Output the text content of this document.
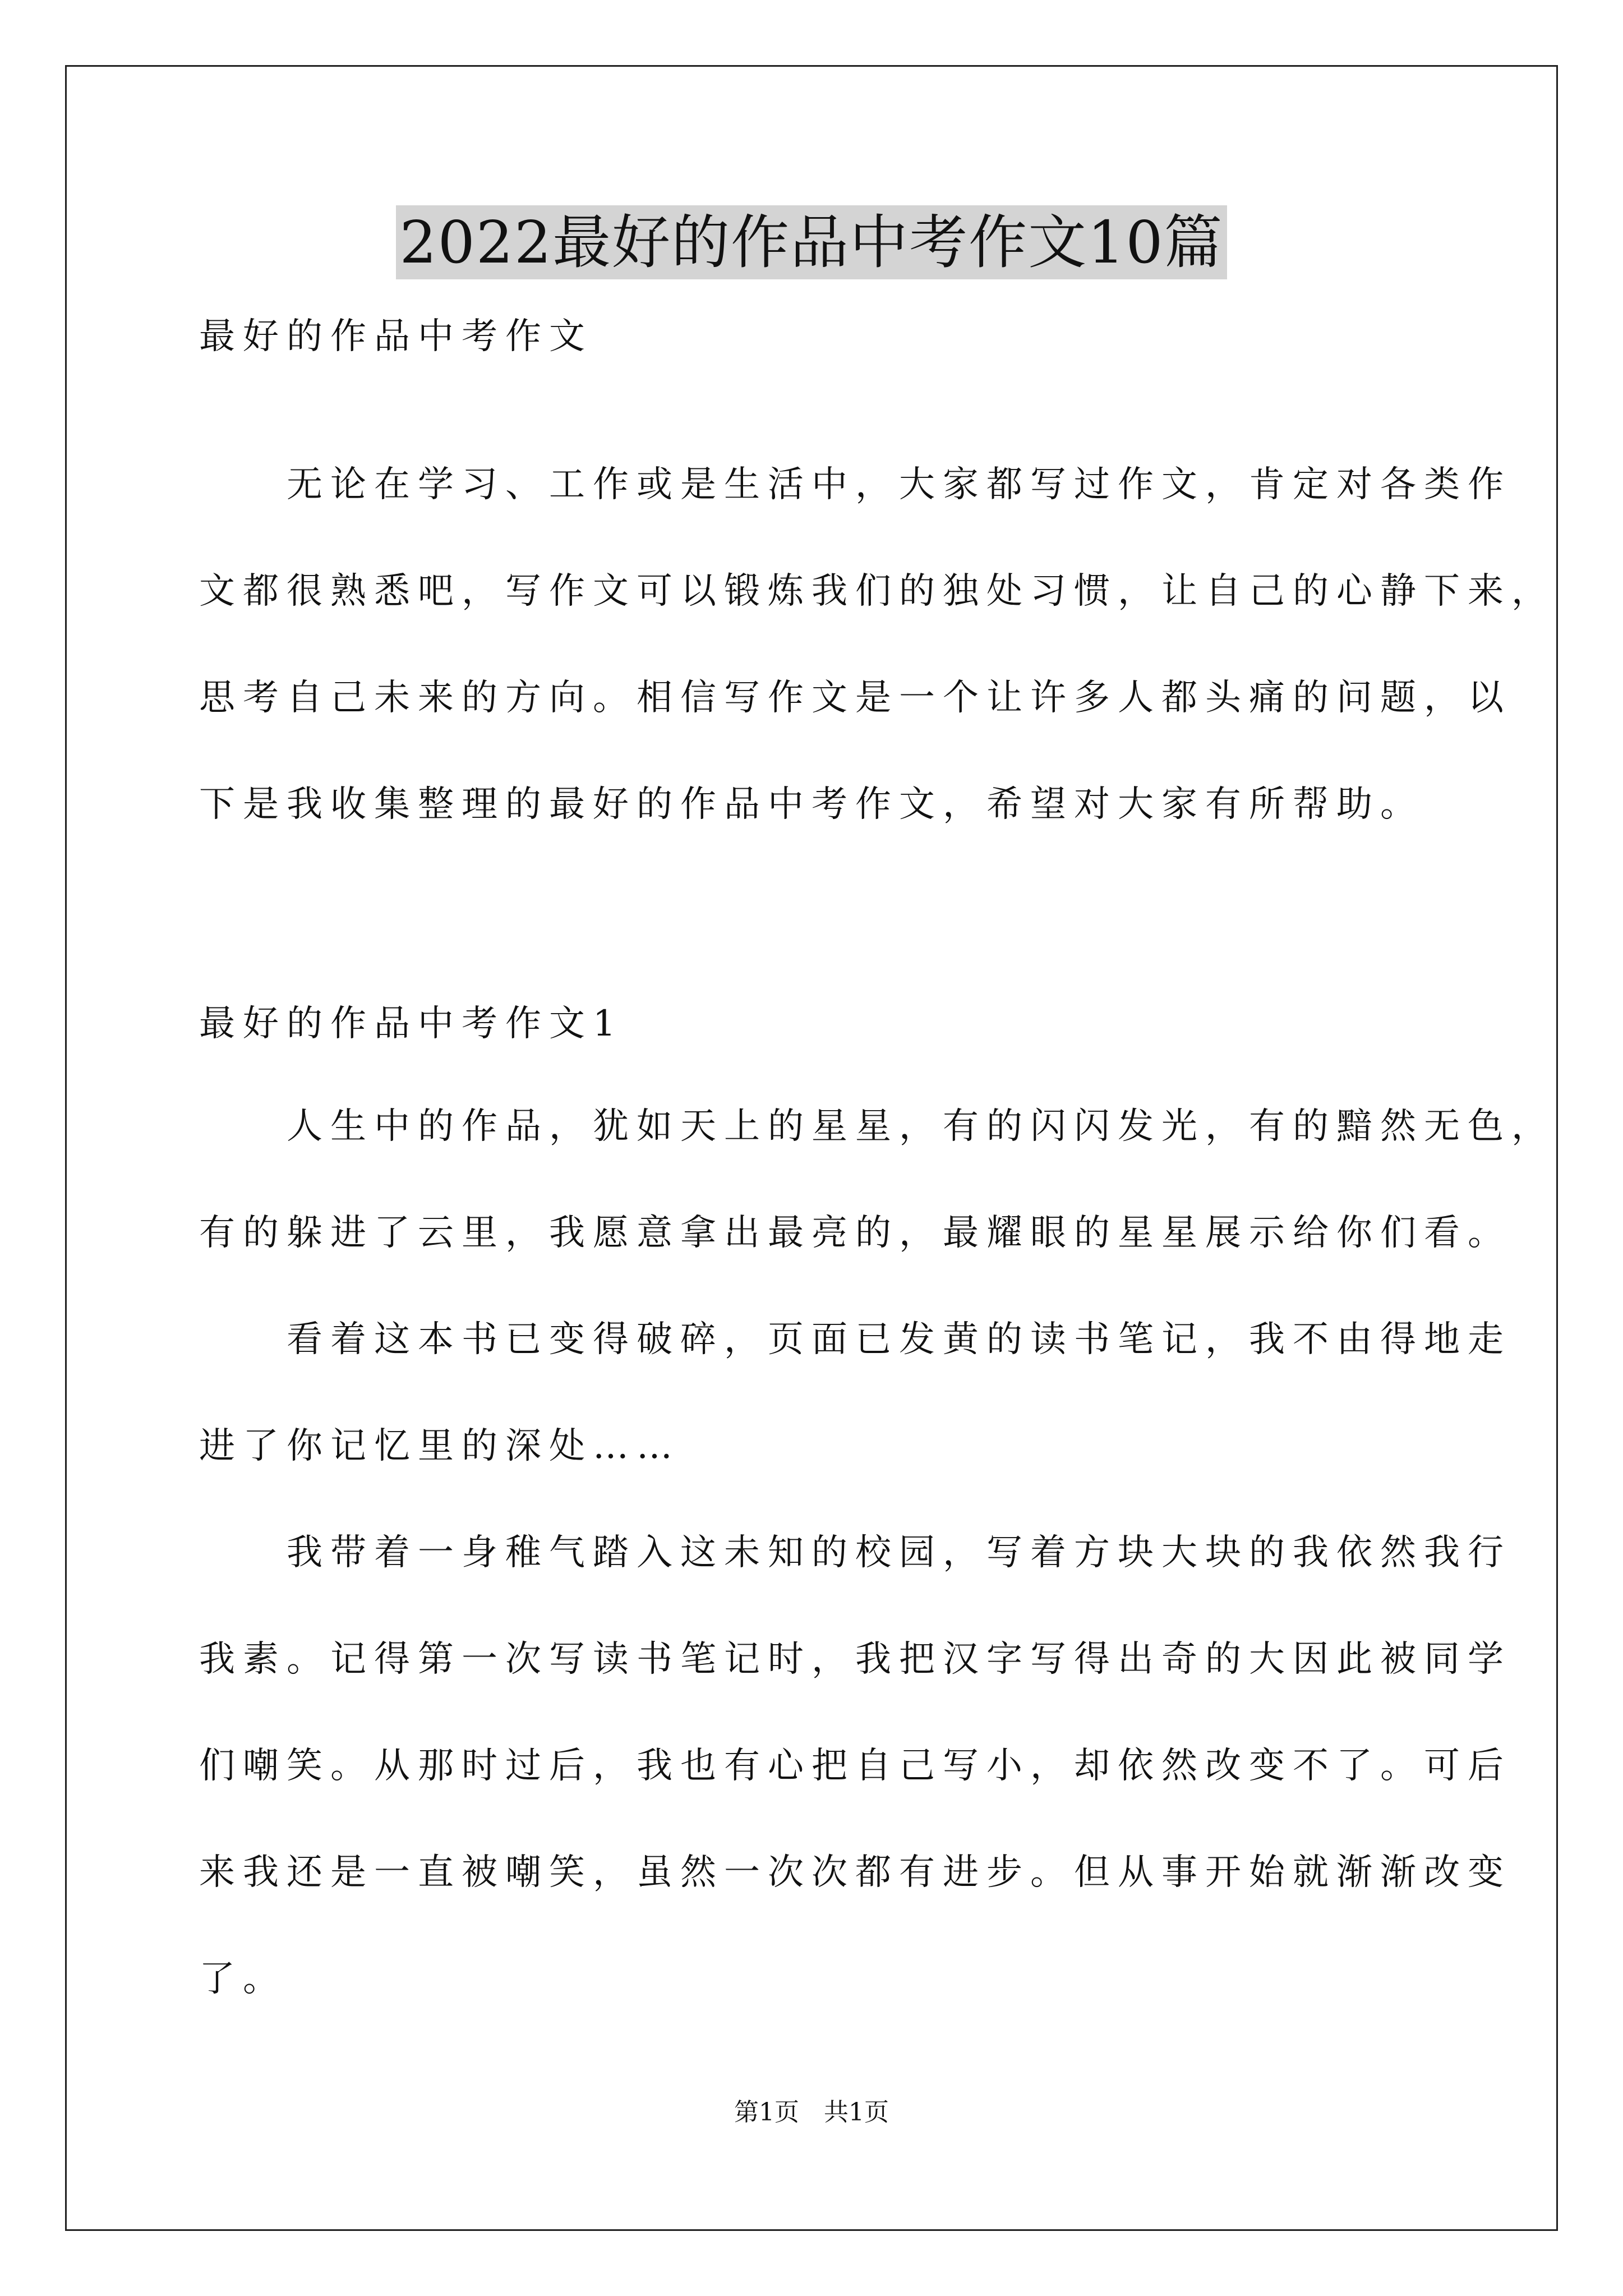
2022最好的作品中考作文10篇
最好的作品中考作文
　　无论在学习、工作或是生活中，大家都写过作文，肯定对各类作
文都很熟悉吧，写作文可以锻炼我们的独处习惯，让自己的心静下来，
思考自己未来的方向。相信写作文是一个让许多人都头痛的问题，以
下是我收集整理的最好的作品中考作文，希望对大家有所帮助。
最好的作品中考作文1
　　人生中的作品，犹如天上的星星，有的闪闪发光，有的黯然无色，
有的躲进了云里，我愿意拿出最亮的，最耀眼的星星展示给你们看。
　　看着这本书已变得破碎，页面已发黄的读书笔记，我不由得地走
进了你记忆里的深处……
　　我带着一身稚气踏入这未知的校园，写着方块大块的我依然我行
我素。记得第一次写读书笔记时，我把汉字写得出奇的大因此被同学
们嘲笑。从那时过后，我也有心把自己写小，却依然改变不了。可后
来我还是一直被嘲笑，虽然一次次都有进步。但从事开始就渐渐改变
了。
第1页　共1页
